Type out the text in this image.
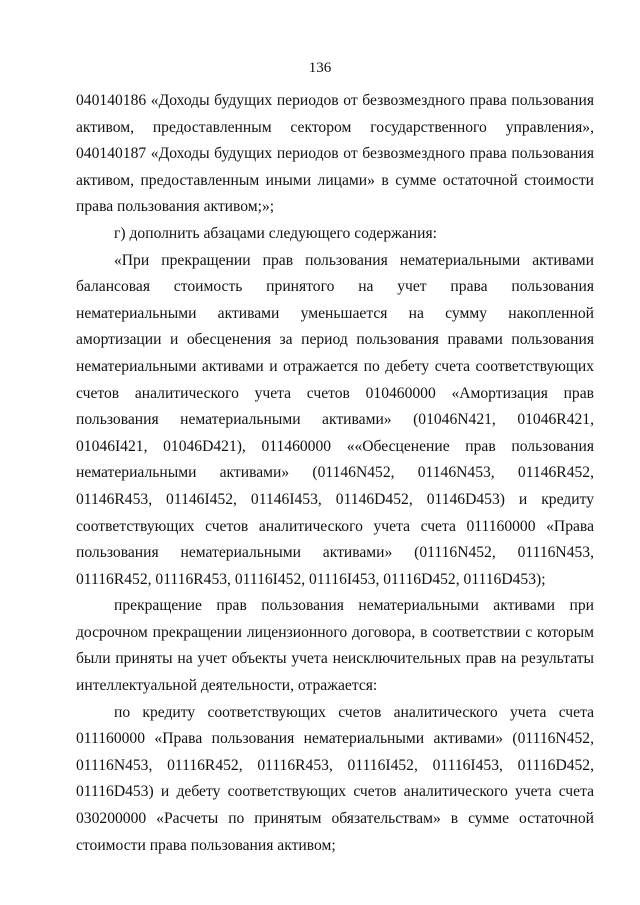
136

040140186 «Доходы будущих периодов от безвозмездного права пользования активом, предоставленным сектором государственного управления», 040140187 «Доходы будущих периодов от безвозмездного права пользования активом, предоставленным иными лицами» в сумме остаточной стоимости права пользования активом;»;

г) дополнить абзацами следующего содержания:

«При прекращении прав пользования нематериальными активами балансовая стоимость принятого на учет права пользования нематериальными активами уменьшается на сумму накопленной амортизации и обесценения за период пользования правами пользования нематериальными активами и отражается по дебету счета соответствующих счетов аналитического учета счетов 010460000 «Амортизация прав пользования нематериальными активами» (01046N421, 01046R421, 01046I421, 01046D421), 011460000 ««Обесценение прав пользования нематериальными активами» (01146N452, 01146N453, 01146R452, 01146R453, 01146I452, 01146I453, 01146D452, 01146D453) и кредиту соответствующих счетов аналитического учета счета 011160000 «Права пользования нематериальными активами» (01116N452, 01116N453, 01116R452, 01116R453, 01116I452, 01116I453, 01116D452, 01116D453);

прекращение прав пользования нематериальными активами при досрочном прекращении лицензионного договора, в соответствии с которым были приняты на учет объекты учета неисключительных прав на результаты интеллектуальной деятельности, отражается:

по кредиту соответствующих счетов аналитического учета счета 011160000 «Права пользования нематериальными активами» (01116N452, 01116N453, 01116R452, 01116R453, 01116I452, 01116I453, 01116D452, 01116D453) и дебету соответствующих счетов аналитического учета счета 030200000 «Расчеты по принятым обязательствам» в сумме остаточной стоимости права пользования активом;
